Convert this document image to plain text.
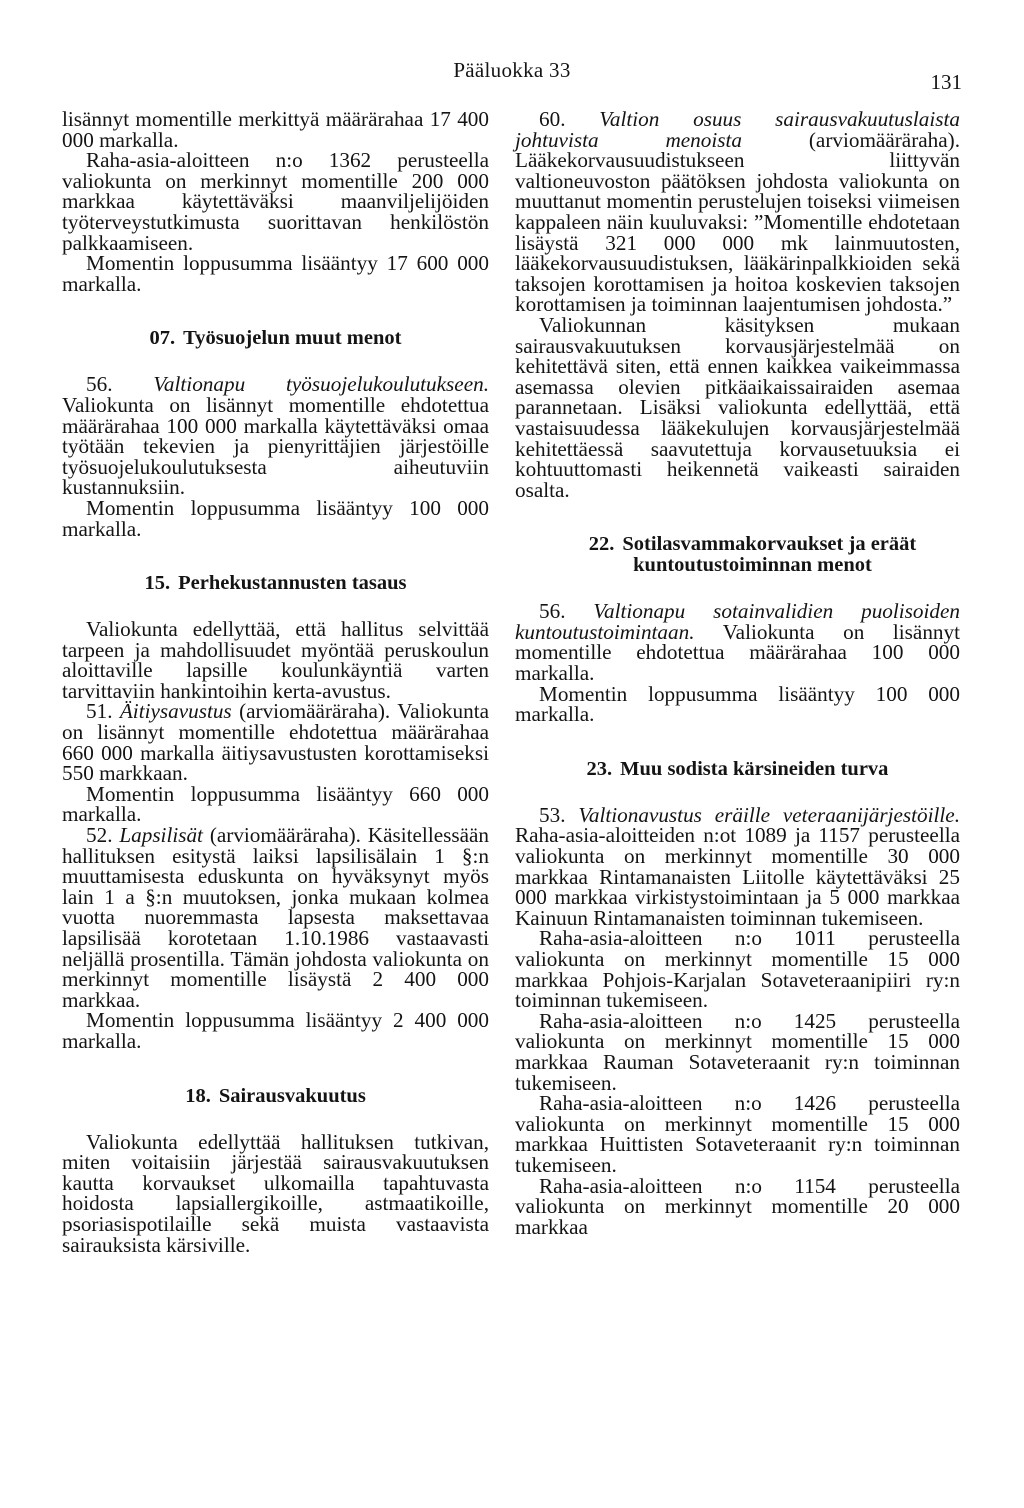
Pääluokka 33	131

lisännyt momentille merkittyä määrärahaa 17 400 000 markalla.

Raha-asia-aloitteen n:o 1362 perusteella valiokunta on merkinnyt momentille 200 000 markkaa käytettäväksi maanviljelijöiden työterveystutkimusta suorittavan henkilöstön palkkaamiseen.

Momentin loppusumma lisääntyy 17 600 000 markalla.

07. Työsuojelun muut menot

56. Valtionapu työsuojelukoulutukseen. Valiokunta on lisännyt momentille ehdotettua määrärahaa 100 000 markalla käytettäväksi omaa työtään tekevien ja pienyrittäjien järjestöille työsuojelukoulutuksesta aiheutuviin kustannuksiin.

Momentin loppusumma lisääntyy 100 000 markalla.

15. Perhekustannusten tasaus

Valiokunta edellyttää, että hallitus selvittää tarpeen ja mahdollisuudet myöntää peruskoulun aloittaville lapsille koulunkäyntiä varten tarvittaviin hankintoihin kerta-avustus.

51. Äitiysavustus (arviomääräraha). Valiokunta on lisännyt momentille ehdotettua määrärahaa 660 000 markalla äitiysavustusten korottamiseksi 550 markkaan.

Momentin loppusumma lisääntyy 660 000 markalla.

52. Lapsilisät (arviomääräraha). Käsitellessään hallituksen esitystä laiksi lapsilisälain 1 §:n muuttamisesta eduskunta on hyväksynyt myös lain 1 a §:n muutoksen, jonka mukaan kolmea vuotta nuoremmasta lapsesta maksettavaa lapsilisää korotetaan 1.10.1986 vastaavasti neljällä prosentilla. Tämän johdosta valiokunta on merkinnyt momentille lisäystä 2 400 000 markkaa.

Momentin loppusumma lisääntyy 2 400 000 markalla.

18. Sairausvakuutus

Valiokunta edellyttää hallituksen tutkivan, miten voitaisiin järjestää sairausvakuutuksen kautta korvaukset ulkomailla tapahtuvasta hoidosta lapsiallergikoille, astmaatikoille, psoriasispotilaille sekä muista vastaavista sairauksista kärsiville.

60. Valtion osuus sairausvakuutuslaista johtuvista menoista	(arviomääräraha). Lääkekorvausuudistukseen liittyvän valtioneuvoston päätöksen johdosta valiokunta on muuttanut momentin perustelujen toiseksi viimeisen kappaleen näin kuuluvaksi: ”Momentille ehdotetaan lisäystä 321 000 000 mk lainmuutosten, lääkekorvausuudistuksen, lääkärinpalkkioiden sekä taksojen korottamisen ja hoitoa koskevien taksojen korottamisen ja toiminnan laajentumisen johdosta.”

Valiokunnan käsityksen mukaan sairausvakuutuksen korvausjärjestelmää on kehitettävä siten, että ennen kaikkea vaikeimmassa asemassa olevien pitkäaikaissairaiden asemaa parannetaan. Lisäksi valiokunta edellyttää, että vastaisuudessa lääkekulujen korvausjärjestelmää kehitettäessä saavutettuja korvausetuuksia ei kohtuuttomasti heikennetä vaikeasti sairaiden osalta.

22. Sotilasvammakorvaukset ja eräät kuntoutustoiminnan menot

56. Valtionapu sotainvalidien puolisoiden kuntoutustoimintaan. Valiokunta on lisännyt momentille ehdotettua määrärahaa 100 000 markalla.

Momentin loppusumma lisääntyy 100 000 markalla.

23. Muu sodista kärsineiden turva

53. Valtionavustus eräille veteraanijärjestöille. Raha-asia-aloitteiden n:ot 1089 ja 1157 perusteella valiokunta on merkinnyt momentille 30 000 markkaa Rintamanaisten Liitolle käytettäväksi 25 000 markkaa virkistystoimintaan ja 5 000 markkaa Kainuun Rintamanaisten toiminnan tukemiseen.

Raha-asia-aloitteen n:o 1011 perusteella valiokunta on merkinnyt momentille 15 000 markkaa Pohjois-Karjalan Sotaveteraanipiiri ry:n toiminnan tukemiseen.

Raha-asia-aloitteen n:o 1425 perusteella valiokunta on merkinnyt momentille 15 000 markkaa Rauman Sotaveteraanit ry:n toiminnan tukemiseen.

Raha-asia-aloitteen n:o 1426 perusteella valiokunta on merkinnyt momentille 15 000 markkaa Huittisten Sotaveteraanit ry:n toiminnan tukemiseen.

Raha-asia-aloitteen n:o 1154 perusteella valiokunta on merkinnyt momentille 20 000 markkaa
